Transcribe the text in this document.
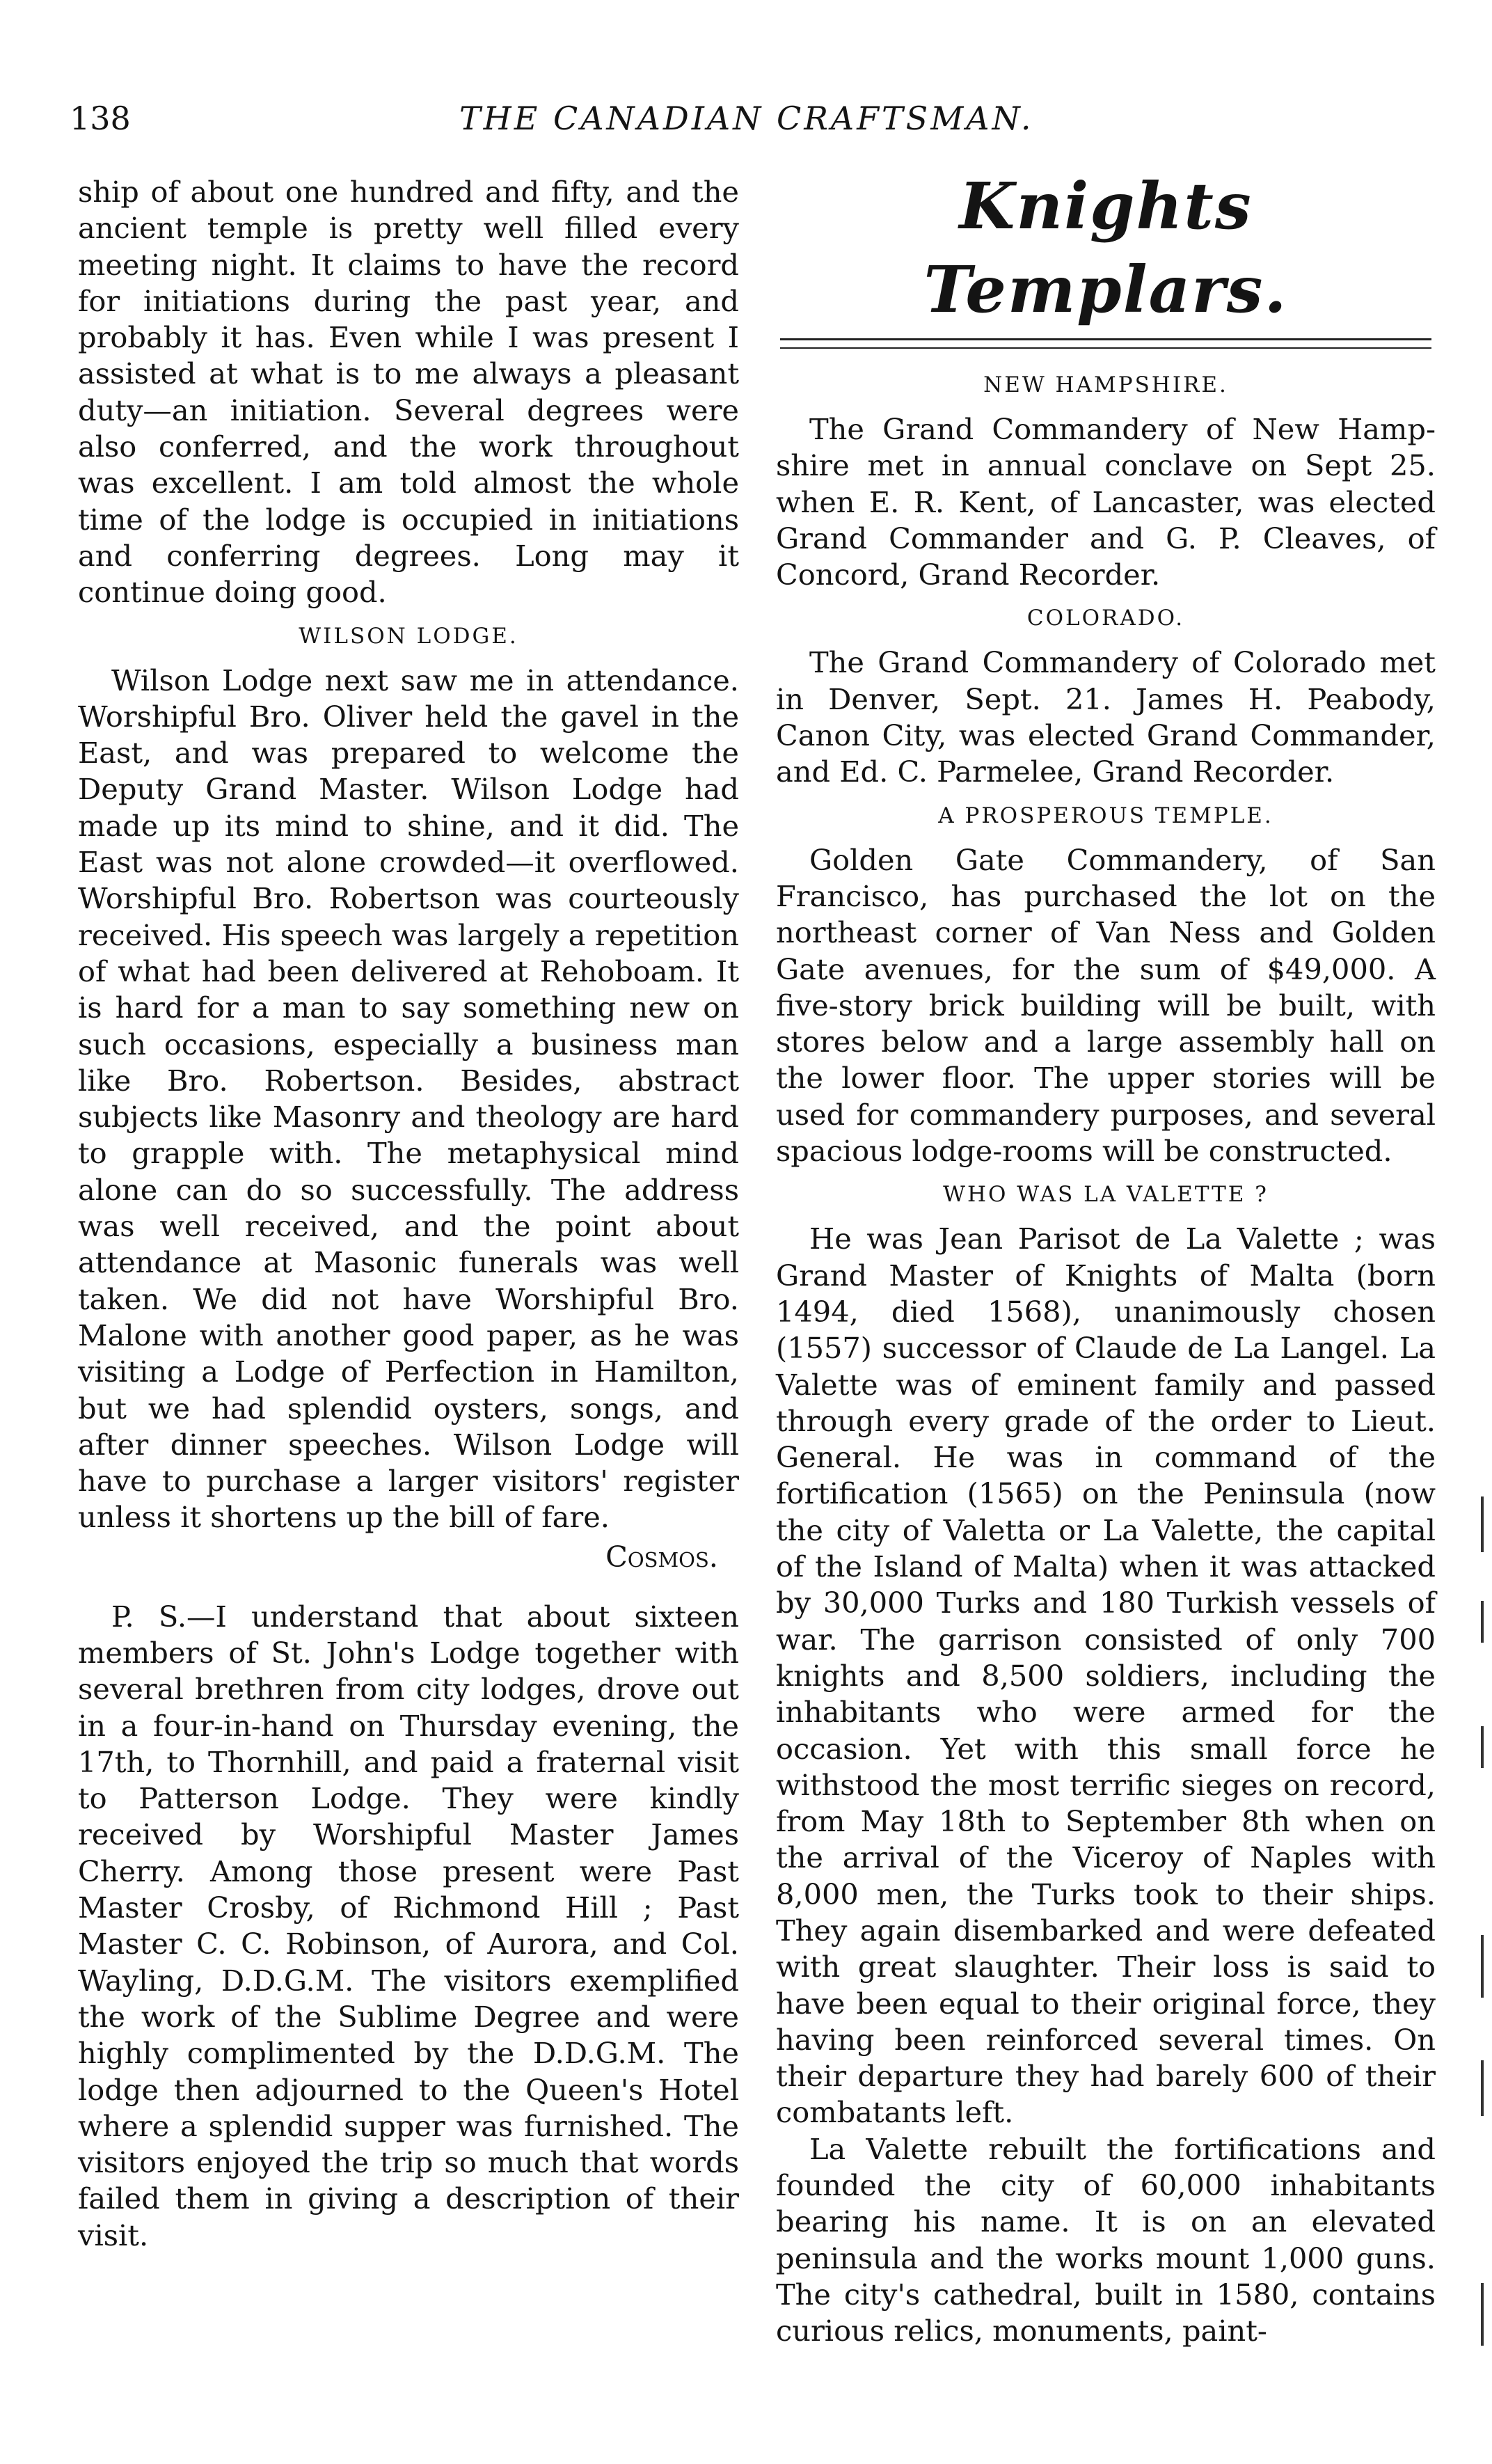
138	THE CANADIAN CRAFTSMAN.

ship of about one hundred and fifty, and the ancient temple is pretty well filled every meeting night. It claims to have the record for initiations during the past year, and probably it has. Even while I was present I assisted at what is to me always a pleasant duty—an initiation. Several degrees were also conferred, and the work throughout was excellent. I am told almost the whole time of the lodge is occupied in initiations and conferring degrees. Long may it continue doing good.

WILSON LODGE.

Wilson Lodge next saw me in attendance. Worshipful Bro. Oliver held the gavel in the East, and was prepared to welcome the Deputy Grand Master. Wilson Lodge had made up its mind to shine, and it did. The East was not alone crowded—it overflowed. Worshipful Bro. Robertson was courteously received. His speech was largely a repetition of what had been delivered at Rehoboam. It is hard for a man to say something new on such occasions, especially a business man like Bro. Robertson. Besides, abstract subjects like Masonry and theology are hard to grapple with. The metaphysical mind alone can do so successfully. The address was well received, and the point about attendance at Masonic funerals was well taken. We did not have Worshipful Bro. Malone with another good paper, as he was visiting a Lodge of Perfection in Hamilton, but we had splendid oysters, songs, and after dinner speeches. Wilson Lodge will have to purchase a larger visitors' register unless it shortens up the bill of fare.

Cosmos.

P. S.—I understand that about sixteen members of St. John's Lodge together with several brethren from city lodges, drove out in a four-in-hand on Thursday evening, the 17th, to Thornhill, and paid a fraternal visit to Patterson Lodge. They were kindly received by Worshipful Master James Cherry. Among those present were Past Master Crosby, of Richmond Hill ; Past Master C. C. Robinson, of Aurora, and Col. Wayling, D.D.G.M. The visitors exemplified the work of the Sublime Degree and were highly complimented by the D.D.G.M. The lodge then adjourned to the Queen's Hotel where a splendid supper was furnished. The visitors enjoyed the trip so much that words failed them in giving a description of their visit.

Knights Templars.
NEW HAMPSHIRE.

The Grand Commandery of New Hampshire met in annual conclave on Sept 25. when E. R. Kent, of Lancaster, was elected Grand Commander and G. P. Cleaves, of Concord, Grand Recorder.

COLORADO.

The Grand Commandery of Colorado met in Denver, Sept. 21. James H. Peabody, Canon City, was elected Grand Commander, and Ed. C. Parmelee, Grand Recorder.

A PROSPEROUS TEMPLE.

Golden Gate Commandery, of San Francisco, has purchased the lot on the northeast corner of Van Ness and Golden Gate avenues, for the sum of $49,000. A five-story brick building will be built, with stores below and a large assembly hall on the lower floor. The upper stories will be used for commandery purposes, and several spacious lodge-rooms will be constructed.

WHO WAS LA VALETTE ?

He was Jean Parisot de La Valette ; was Grand Master of Knights of Malta (born 1494, died 1568), unanimously chosen (1557) successor of Claude de La Langel. La Valette was of eminent family and passed through every grade of the order to Lieut. General. He was in command of the fortification (1565) on the Peninsula (now the city of Valetta or La Valette, the capital of the Island of Malta) when it was attacked by 30,000 Turks and 180 Turkish vessels of war. The garrison consisted of only 700 knights and 8,500 soldiers, including the inhabitants who were armed for the occasion. Yet with this small force he withstood the most terrific sieges on record, from May 18th to September 8th when on the arrival of the Viceroy of Naples with 8,000 men, the Turks took to their ships. They again disembarked and were defeated with great slaughter. Their loss is said to have been equal to their original force, they having been reinforced several times. On their departure they had barely 600 of their combatants left.

La Valette rebuilt the fortifications and founded the city of 60,000 inhabitants bearing his name. It is on an elevated peninsula and the works mount 1,000 guns. The city's cathedral, built in 1580, contains curious relics, monuments, paint-
